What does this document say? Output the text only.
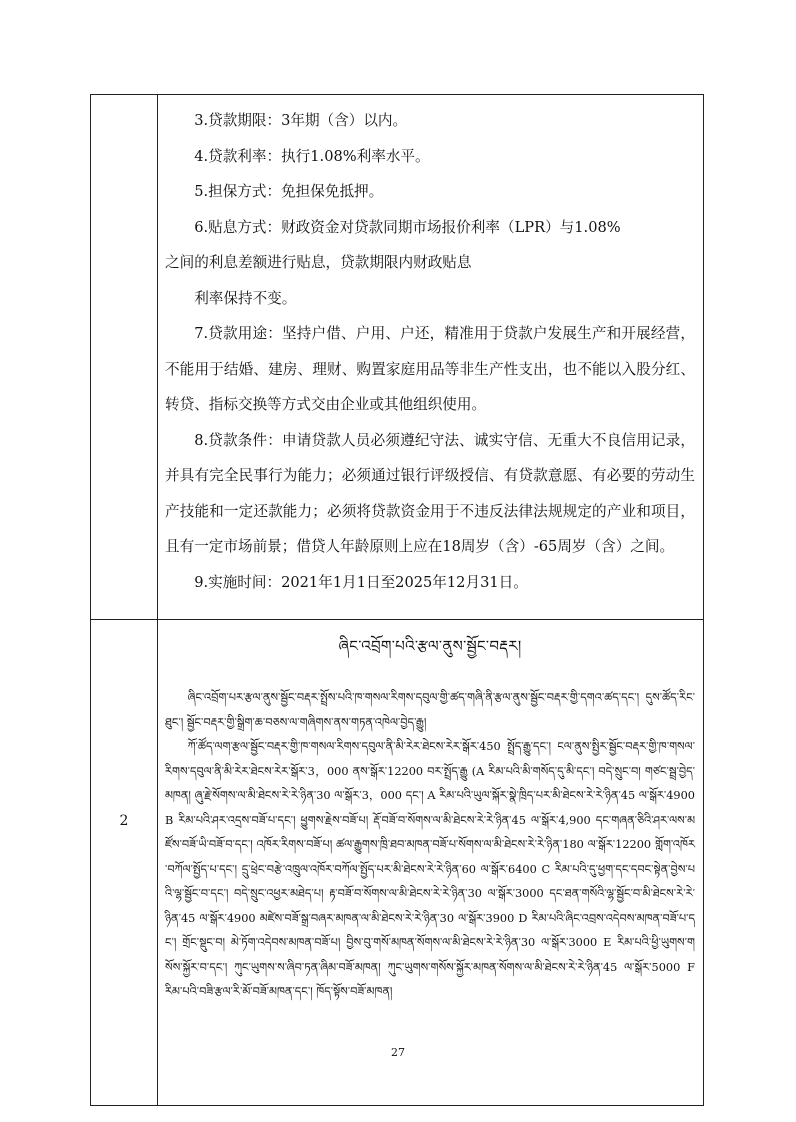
3.贷款期限：3年期（含）以内。

4.贷款利率：执行1.08%利率水平。

5.担保方式：免担保免抵押。

6.贴息方式：财政资金对贷款同期市场报价利率（LPR）与1.08%

之间的利息差额进行贴息，贷款期限内财政贴息

利率保持不变。

7.贷款用途：坚持户借、户用、户还，精准用于贷款户发展生产和开展经营，不能用于结婚、建房、理财、购置家庭用品等非生产性支出，也不能以入股分红、转贷、指标交换等方式交由企业或其他组织使用。

8.贷款条件：申请贷款人员必须遵纪守法、诚实守信、无重大不良信用记录，并具有完全民事行为能力；必须通过银行评级授信、有贷款意愿、有必要的劳动生产技能和一定还款能力；必须将贷款资金用于不违反法律法规规定的产业和项目，且有一定市场前景；借贷人年龄原则上应在18周岁（含）-65周岁（含）之间。

9.实施时间：2021年1月1日至2025年12月31日。

2
ཞིང་འབྲོག་པའི་རྩལ་ནུས་སྦྱོང་བརྡར།

ཞིང་འབྲོག་པར་རྩལ་ནུས་སྦྱོང་བརྡར་སྤྲོས་པའི་ཁ་གསལ་རིགས་དབུལ་གྱི་ཚད་གཞི་ནི་རྩལ་ནུས་སྦྱོང་བརྡར་གྱི་དགའ་ཚད་དང་། དུས་ཚོད་རིང་ཐུང་། སྦྱོང་བརྡར་གྱི་སྒྲིག་ཆ་བཅས་ལ་གཞིགས་ནས་གཏན་འཁེལ་བྱེད་རྒྱུ།

ཀོ་ཚོད་ལག་རྩལ་སྦྱོང་བརྡར་གྱི་ཁ་གསལ་རིགས་དབུལ་ནི་མི་རེར་ཐེངས་རེར་སྒོར་450 སྤྲོད་རྒྱུ་དང་། ངལ་ནུས་སྤྱིར་སྦྱོང་བརྡར་གྱི་ཁ་གསལ་རིགས་དབུལ་ནི་མི་རེར་ཐེངས་རེར་སྒོར་3，000 ནས་སྒོར་12200 བར་སྤྲོད་རྒྱུ (A རིམ་པའི་མི་གསོད་དུ་མི་དང་། བདེ་སྲུང་བ། གཙང་སྦྲ་བྱེད་མཁན། ཞུ་རྗེ་སོགས་ལ་མི་ཐེངས་རེ་རེ་ཉིན་30 ལ་སྒོར་3，000 དང་། A རིམ་པའི་ཡུལ་སྐོར་སྣེ་ཁྲིད་པར་མི་ཐེངས་རེ་རེ་ཉིན་45 ལ་སྒོར་4900 B རིམ་པའི་ཤར་འདྲས་བཟོ་པ་དང་། ཕྱུགས་རྗེས་བཟོ་པ། རྡོ་བཟོ་བ་སོགས་ལ་མི་ཐེངས་རེ་རེ་ཉིན་45 ལ་སྒོར་4,900 དང་གཞན་ཅིའི་ཤར་ལས་མཛོས་བཟོ་ཡི་བཟོ་བ་དང་། འཁོར་རིགས་བཟོ་པ། ཚལ་རྒྱུགས་ཁྲི་ཐབ་མཁན་བཟོ་པ་སོགས་ལ་མི་ཐེངས་རེ་རེ་ཉིན་180 ལ་སྒོར་12200 གློག་འཁོར་བཀོལ་སྤྱོད་པ་དང་། དྲུ་ཕྲེང་བརྩེ་འཁྲུལ་འཁོར་བཀོལ་སྤྱོད་པར་མི་ཐེངས་རེ་རེ་ཉིན་60 ལ་སྒོར་6400 C རིམ་པའི་དུ་ཕྱག་དང་དབང་སྟེན་བྱེས་པའི་ལྷ་སྦྱོང་བ་དང་། བདེ་སྲུང་འཕྱར་མཐེད་པ། རྟ་བཟོ་བ་སོགས་ལ་མི་ཐེངས་རེ་རེ་ཉིན་30 ལ་སྒོར་3000 དང་ཐན་གསོའི་ལྷ་སྦྱོང་བ་མི་ཐེངས་རེ་རེ་ཉིན་45 ལ་སྒོར་4900 མཛེས་བཟོ་སྒྲ་བཞར་མཁན་ལ་མི་ཐེངས་རེ་རེ་ཉིན་30 ལ་སྒོར་3900 D རིམ་པའི་ཞིང་འབྲས་འདེབས་མཁན་བཟོ་པ་དང་། གྲོང་སྡུང་བ། མེ་ཏོག་འདེབས་མཁན་བཟོ་པ། བྱིས་བུ་གསོ་མཁན་སོགས་ལ་མི་ཐེངས་རེ་རེ་ཉིན་30 ལ་སྒོར་3000 E རིམ་པའི་ཕྱི་ཡུགས་གསོས་སྐྱོར་བ་དང་། ཀུང་ཡུགས་ས་ཞིབ་ཏན་ཞིམ་བཟོ་མཁན། ཀུང་ཡུགས་གསོས་སྐྱོར་མཁན་སོགས་ལ་མི་ཐེངས་རེ་རེ་ཉིན་45 ལ་སྒོར་5000 F རིམ་པའི་བཟི་རྩལ་རི་མོ་བཟོ་མཁན་དང་། ཁོད་སྟོས་བཟོ་མཁན།

27
